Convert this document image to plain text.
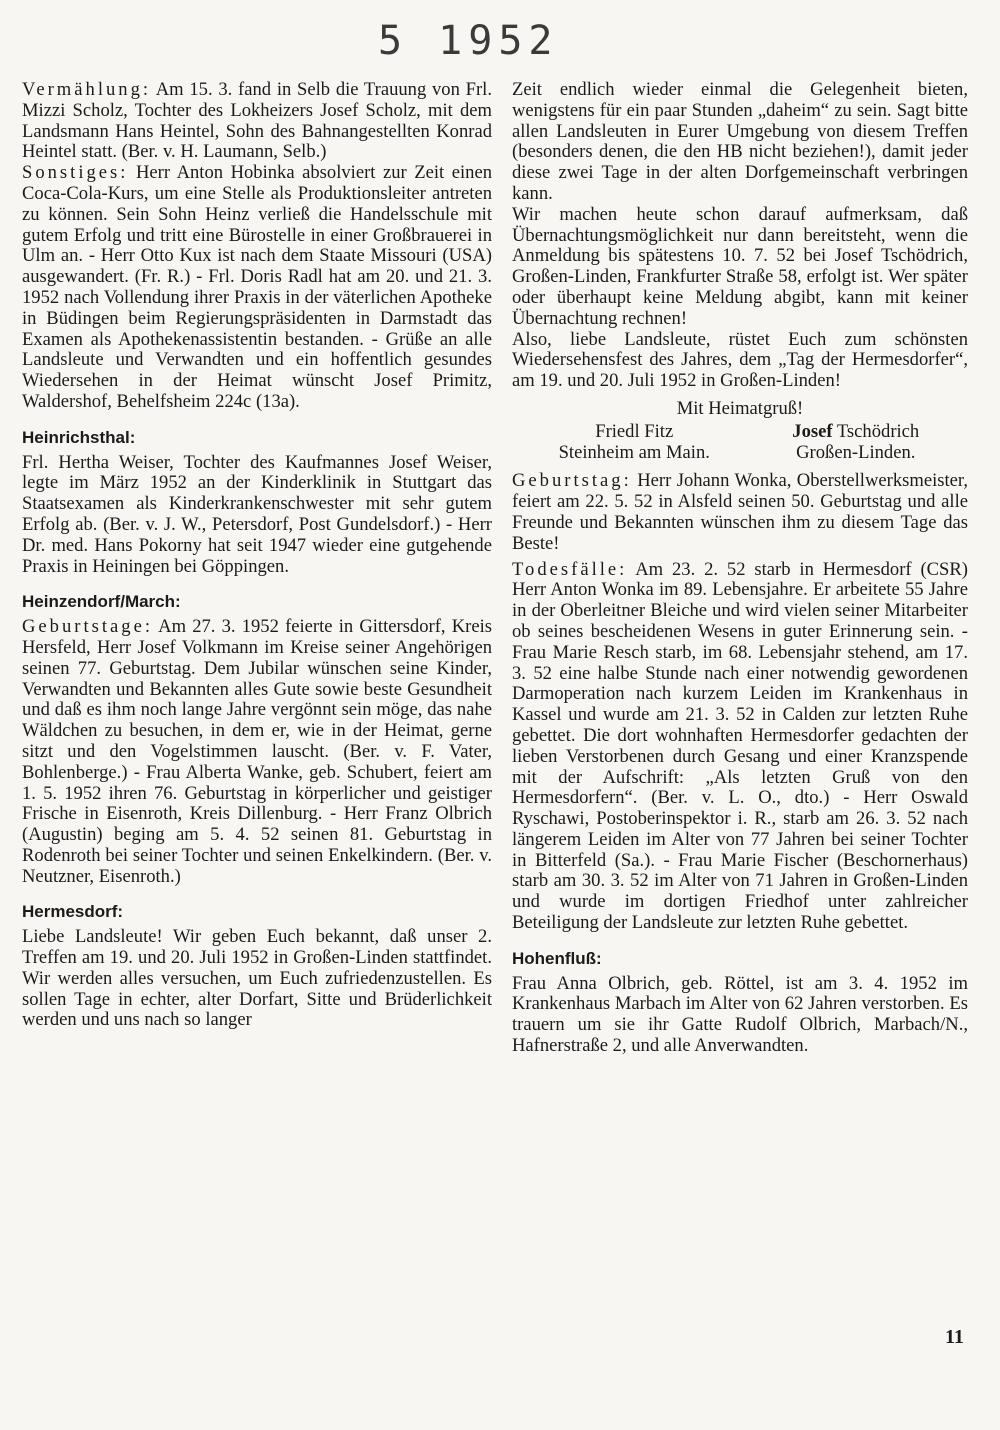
5 1952

Vermählung: Am 15. 3. fand in Selb die Trauung von Frl. Mizzi Scholz, Tochter des Lokheizers Josef Scholz, mit dem Landsmann Hans Heintel, Sohn des Bahnangestellten Konrad Heintel statt. (Ber. v. H. Laumann, Selb.)
Sonstiges: Herr Anton Hobinka absolviert zur Zeit einen Coca-Cola-Kurs, um eine Stelle als Produktionsleiter antreten zu können. Sein Sohn Heinz verließ die Handelsschule mit gutem Erfolg und tritt eine Bürostelle in einer Großbrauerei in Ulm an. - Herr Otto Kux ist nach dem Staate Missouri (USA) ausgewandert. (Fr. R.) - Frl. Doris Radl hat am 20. und 21. 3. 1952 nach Vollendung ihrer Praxis in der väterlichen Apotheke in Büdingen beim Regierungspräsidenten in Darmstadt das Examen als Apothekenassistentin bestanden. - Grüße an alle Landsleute und Verwandten und ein hoffentlich gesundes Wiedersehen in der Heimat wünscht Josef Primitz, Waldershof, Behelfsheim 224c (13a).

Heinrichsthal:

Frl. Hertha Weiser, Tochter des Kaufmannes Josef Weiser, legte im März 1952 an der Kinderklinik in Stuttgart das Staatsexamen als Kinderkrankenschwester mit sehr gutem Erfolg ab. (Ber. v. J. W., Petersdorf, Post Gundelsdorf.) - Herr Dr. med. Hans Pokorny hat seit 1947 wieder eine gutgehende Praxis in Heiningen bei Göppingen.

Heinzendorf/March:

Geburtstage: Am 27. 3. 1952 feierte in Gittersdorf, Kreis Hersfeld, Herr Josef Volkmann im Kreise seiner Angehörigen seinen 77. Geburtstag. Dem Jubilar wünschen seine Kinder, Verwandten und Bekannten alles Gute sowie beste Gesundheit und daß es ihm noch lange Jahre vergönnt sein möge, das nahe Wäldchen zu besuchen, in dem er, wie in der Heimat, gerne sitzt und den Vogelstimmen lauscht. (Ber. v. F. Vater, Bohlenberge.) - Frau Alberta Wanke, geb. Schubert, feiert am 1. 5. 1952 ihren 76. Geburtstag in körperlicher und geistiger Frische in Eisenroth, Kreis Dillenburg. - Herr Franz Olbrich (Augustin) beging am 5. 4. 52 seinen 81. Geburtstag in Rodenroth bei seiner Tochter und seinen Enkelkindern. (Ber. v. Neutzner, Eisenroth.)

Hermesdorf:

Liebe Landsleute! Wir geben Euch bekannt, daß unser 2. Treffen am 19. und 20. Juli 1952 in Großen-Linden stattfindet. Wir werden alles versuchen, um Euch zufriedenzustellen. Es sollen Tage in echter, alter Dorfart, Sitte und Brüderlichkeit werden und uns nach so langer

Zeit endlich wieder einmal die Gelegenheit bieten, wenigstens für ein paar Stunden „daheim“ zu sein. Sagt bitte allen Landsleuten in Eurer Umgebung von diesem Treffen (besonders denen, die den HB nicht beziehen!), damit jeder diese zwei Tage in der alten Dorfgemeinschaft verbringen kann.

Wir machen heute schon darauf aufmerksam, daß Übernachtungsmöglichkeit nur dann bereitsteht, wenn die Anmeldung bis spätestens 10. 7. 52 bei Josef Tschödrich, Großen-Linden, Frankfurter Straße 58, erfolgt ist. Wer später oder überhaupt keine Meldung abgibt, kann mit keiner Übernachtung rechnen!

Also, liebe Landsleute, rüstet Euch zum schönsten Wiedersehensfest des Jahres, dem „Tag der Hermesdorfer“, am 19. und 20. Juli 1952 in Großen-Linden!

Mit Heimatgruß!
Friedl Fitz
Steinheim am Main.
Josef Tschödrich
Großen-Linden.

Geburtstag: Herr Johann Wonka, Oberstellwerksmeister, feiert am 22. 5. 52 in Alsfeld seinen 50. Geburtstag und alle Freunde und Bekannten wünschen ihm zu diesem Tage das Beste!

Todesfälle: Am 23. 2. 52 starb in Hermesdorf (CSR) Herr Anton Wonka im 89. Lebensjahre. Er arbeitete 55 Jahre in der Oberleitner Bleiche und wird vielen seiner Mitarbeiter ob seines bescheidenen Wesens in guter Erinnerung sein. - Frau Marie Resch starb, im 68. Lebensjahr stehend, am 17. 3. 52 eine halbe Stunde nach einer notwendig gewordenen Darmoperation nach kurzem Leiden im Krankenhaus in Kassel und wurde am 21. 3. 52 in Calden zur letzten Ruhe gebettet. Die dort wohnhaften Hermesdorfer gedachten der lieben Verstorbenen durch Gesang und einer Kranzspende mit der Aufschrift: „Als letzten Gruß von den Hermesdorfern“. (Ber. v. L. O., dto.) - Herr Oswald Ryschawi, Postoberinspektor i. R., starb am 26. 3. 52 nach längerem Leiden im Alter von 77 Jahren bei seiner Tochter in Bitterfeld (Sa.). - Frau Marie Fischer (Beschornerhaus) starb am 30. 3. 52 im Alter von 71 Jahren in Großen-Linden und wurde im dortigen Friedhof unter zahlreicher Beteiligung der Landsleute zur letzten Ruhe gebettet.

Hohenfluß:

Frau Anna Olbrich, geb. Röttel, ist am 3. 4. 1952 im Krankenhaus Marbach im Alter von 62 Jahren verstorben. Es trauern um sie ihr Gatte Rudolf Olbrich, Marbach/N., Hafnerstraße 2, und alle Anverwandten.

11
